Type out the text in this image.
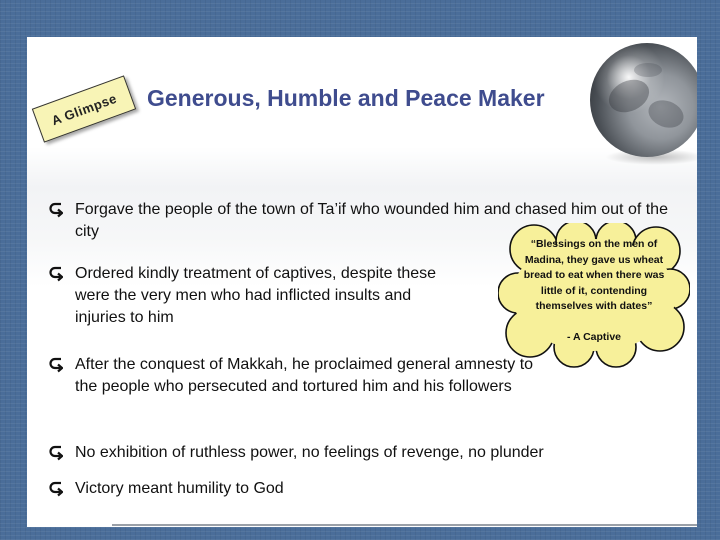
A Glimpse Generous, Humble and Peace Maker
Forgave the people of the town of Ta’if who wounded him and chased him out of the city
Ordered kindly treatment of captives, despite these were the very men who had inflicted insults and injuries to him
After the conquest of Makkah, he proclaimed general amnesty to the people who persecuted and tortured him and his followers
No exhibition of ruthless power, no feelings of revenge, no plunder
Victory meant humility to God
“Blessings on the men of Madina, they gave us wheat bread to eat when there was little of it, contending themselves with dates”
- A Captive
